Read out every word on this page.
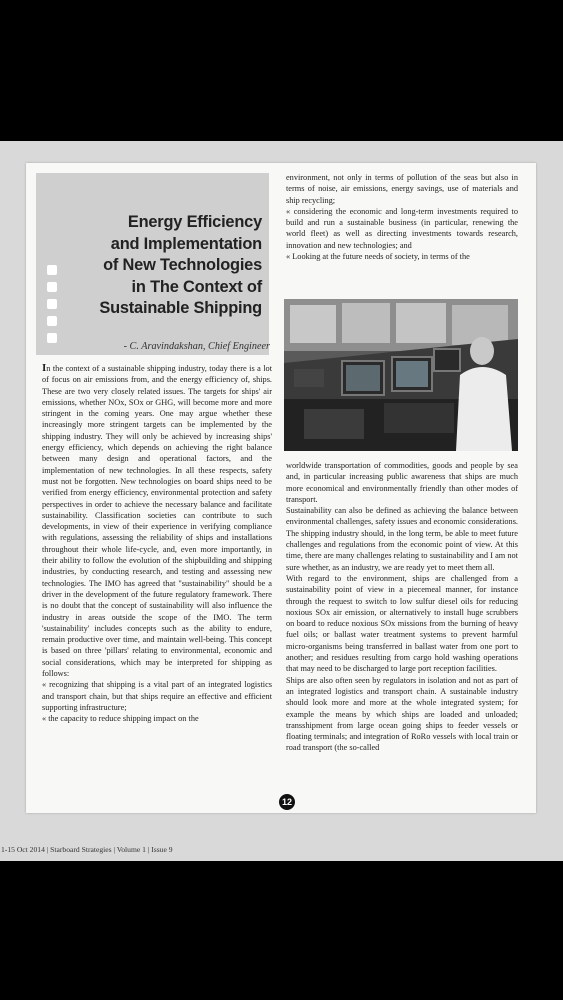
Energy Efficiency
and Implementation
of New Technologies
in The Context of
Sustainable Shipping
- C. Aravindakshan, Chief Engineer

In the context of a sustainable shipping industry, today there is a lot of focus on air emissions from, and the energy efficiency of, ships. These are two very closely related issues. The targets for ships' air emissions, whether NOx, SOx or GHG, will become more and more stringent in the coming years. One may argue whether these increasingly more stringent targets can be implemented by the shipping industry. They will only be achieved by increasing ships' energy efficiency, which depends on achieving the right balance between many design and operational factors, and the implementation of new technologies. In all these respects, safety must not be forgotten. New technologies on board ships need to be verified from energy efficiency, environmental protection and safety perspectives in order to achieve the necessary balance and facilitate sustainability. Classification societies can contribute to such developments, in view of their experience in verifying compliance with regulations, assessing the reliability of ships and installations throughout their whole life-cycle, and, even more importantly, in their ability to follow the evolution of the shipbuilding and shipping industries, by conducting research, and testing and assessing new technologies. The IMO has agreed that "sustainability" should be a driver in the development of the future regulatory framework. There is no doubt that the concept of sustainability will also influence the industry in areas outside the scope of the IMO. The term 'sustainability' includes concepts such as the ability to endure, remain productive over time, and maintain well-being. This concept is based on three 'pillars' relating to environmental, economic and social considerations, which may be interpreted for shipping as follows:

« recognizing that shipping is a vital part of an integrated logistics and transport chain, but that ships require an effective and efficient supporting infrastructure;

« the capacity to reduce shipping impact on the

environment, not only in terms of pollution of the seas but also in terms of noise, air emissions, energy savings, use of materials and ship recycling;

« considering the economic and long-term investments required to build and run a sustainable business (in particular, renewing the world fleet) as well as directing investments towards research, innovation and new technologies; and

« Looking at the future needs of society, in terms of the

worldwide transportation of commodities, goods and people by sea and, in particular increasing public awareness that ships are much more economical and environmentally friendly than other modes of transport.

Sustainability can also be defined as achieving the balance between environmental challenges, safety issues and economic considerations. The shipping industry should, in the long term, be able to meet future challenges and regulations from the economic point of view. At this time, there are many challenges relating to sustainability and I am not sure whether, as an industry, we are ready yet to meet them all.

With regard to the environment, ships are challenged from a sustainability point of view in a piecemeal manner, for instance through the request to switch to low sulfur diesel oils for reducing noxious SOx air emission, or alternatively to install huge scrubbers on board to reduce noxious SOx missions from the burning of heavy fuel oils; or ballast water treatment systems to prevent harmful micro-organisms being transferred in ballast water from one port to another; and residues resulting from cargo hold washing operations that may need to be discharged to large port reception facilities.

Ships are also often seen by regulators in isolation and not as part of an integrated logistics and transport chain. A sustainable industry should look more and more at the whole integrated system; for example the means by which ships are loaded and unloaded; transshipment from large ocean going ships to feeder vessels or floating terminals; and integration of RoRo vessels with local train or road transport (the so-called

12
1-15 Oct 2014 | Starboard Strategies | Volume 1 | Issue 9
